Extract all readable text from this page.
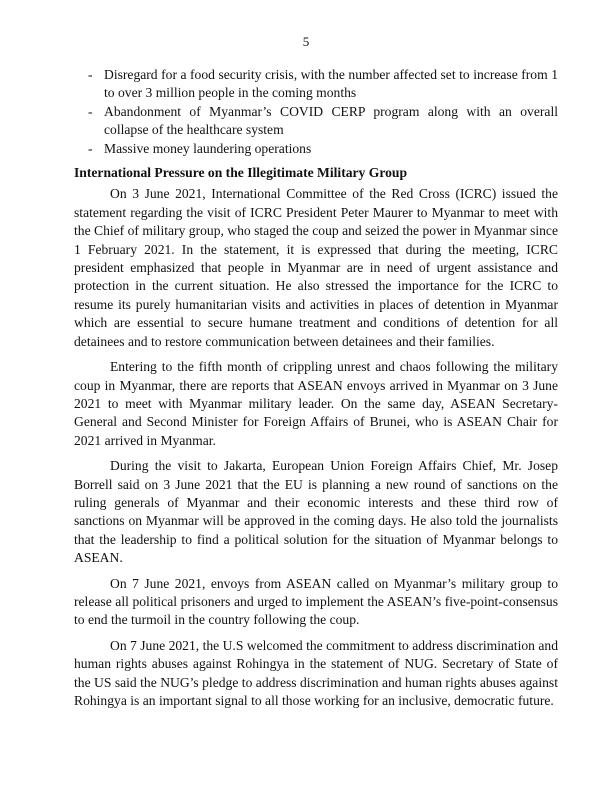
5
- Disregard for a food security crisis, with the number affected set to increase from 1 to over 3 million people in the coming months
- Abandonment of Myanmar’s COVID CERP program along with an overall collapse of the healthcare system
- Massive money laundering operations
International Pressure on the Illegitimate Military Group

On 3 June 2021, International Committee of the Red Cross (ICRC) issued the statement regarding the visit of ICRC President Peter Maurer to Myanmar to meet with the Chief of military group, who staged the coup and seized the power in Myanmar since 1 February 2021. In the statement, it is expressed that during the meeting, ICRC president emphasized that people in Myanmar are in need of urgent assistance and protection in the current situation. He also stressed the importance for the ICRC to resume its purely humanitarian visits and activities in places of detention in Myanmar which are essential to secure humane treatment and conditions of detention for all detainees and to restore communication between detainees and their families.

Entering to the fifth month of crippling unrest and chaos following the military coup in Myanmar, there are reports that ASEAN envoys arrived in Myanmar on 3 June 2021 to meet with Myanmar military leader. On the same day, ASEAN Secretary-General and Second Minister for Foreign Affairs of Brunei, who is ASEAN Chair for 2021 arrived in Myanmar.

During the visit to Jakarta, European Union Foreign Affairs Chief, Mr. Josep Borrell said on 3 June 2021 that the EU is planning a new round of sanctions on the ruling generals of Myanmar and their economic interests and these third row of sanctions on Myanmar will be approved in the coming days. He also told the journalists that the leadership to find a political solution for the situation of Myanmar belongs to ASEAN.

On 7 June 2021, envoys from ASEAN called on Myanmar’s military group to release all political prisoners and urged to implement the ASEAN’s five-point-consensus to end the turmoil in the country following the coup.

On 7 June 2021, the U.S welcomed the commitment to address discrimination and human rights abuses against Rohingya in the statement of NUG. Secretary of State of the US said the NUG’s pledge to address discrimination and human rights abuses against Rohingya is an important signal to all those working for an inclusive, democratic future.
